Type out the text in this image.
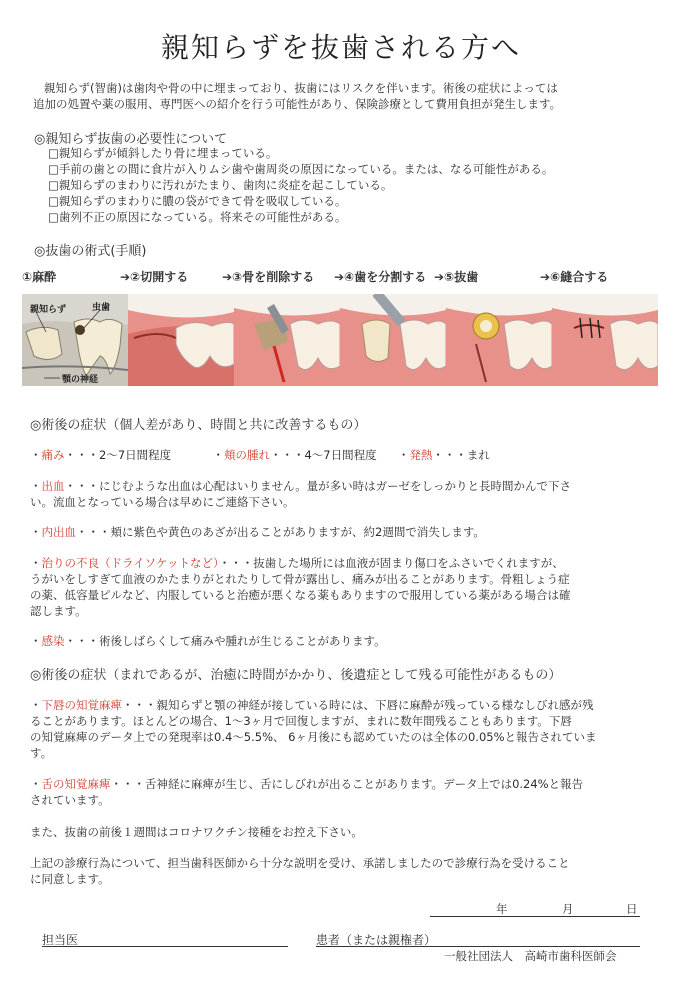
親知らずを抜歯される方へ
親知らず(智歯)は歯肉や骨の中に埋まっており、抜歯にはリスクを伴います。術後の症状によっては
追加の処置や薬の服用、専門医への紹介を行う可能性があり、保険診療として費用負担が発生します。
◎親知らず抜歯の必要性について
□親知らずが傾斜したり骨に埋まっている。
□手前の歯との間に食片が入りムシ歯や歯周炎の原因になっている。または、なる可能性がある。
□親知らずのまわりに汚れがたまり、歯肉に炎症を起こしている。
□親知らずのまわりに膿の袋ができて骨を吸収している。
□歯列不正の原因になっている。将来その可能性がある。
◎抜歯の術式(手順)
①麻酔	➔②切開する	➔③骨を削除する ➔④歯を分割する ➔⑤抜歯	➔⑥縫合する
親知らず	虫歯
顎の神経
◎術後の症状（個人差があり、時間と共に改善するもの）
・痛み・・・2〜7日間程度	・頬の腫れ・・・4〜7日間程度 ・発熱・・・まれ
・出血・・・にじむような出血は心配はいりません。量が多い時はガーゼをしっかりと長時間かんで下さ
い。流血となっている場合は早めにご連絡下さい。
・内出血・・・頬に紫色や黄色のあざが出ることがありますが、約2週間で消失します。
・治りの不良（ドライソケットなど）・・・抜歯した場所には血液が固まり傷口をふさいでくれますが、
うがいをしすぎて血液のかたまりがとれたりして骨が露出し、痛みが出ることがあります。骨粗しょう症
の薬、低容量ピルなど、内服していると治癒が悪くなる薬もありますので服用している薬がある場合は確
認します。
・感染・・・術後しばらくして痛みや腫れが生じることがあります。
◎術後の症状（まれであるが、治癒に時間がかかり、後遺症として残る可能性があるもの）
・下唇の知覚麻痺・・・親知らずと顎の神経が接している時には、下唇に麻酔が残っている様なしびれ感が残
ることがあります。ほとんどの場合、1〜3ヶ月で回復しますが、まれに数年間残ることもあります。下唇
の知覚麻痺のデータ上での発現率は0.4〜5.5%、 6ヶ月後にも認めていたのは全体の0.05%と報告されていま
す。
・舌の知覚麻痺・・・舌神経に麻痺が生じ、舌にしびれが出ることがあります。データ上では0.24%と報告
されています。
また、抜歯の前後１週間はコロナワクチン接種をお控え下さい。
上記の診療行為について、担当歯科医師から十分な説明を受け、承諾しましたので診療行為を受けること
に同意します。
年	月	日
担当医	患者（または親権者）
一般社団法人　高崎市歯科医師会
